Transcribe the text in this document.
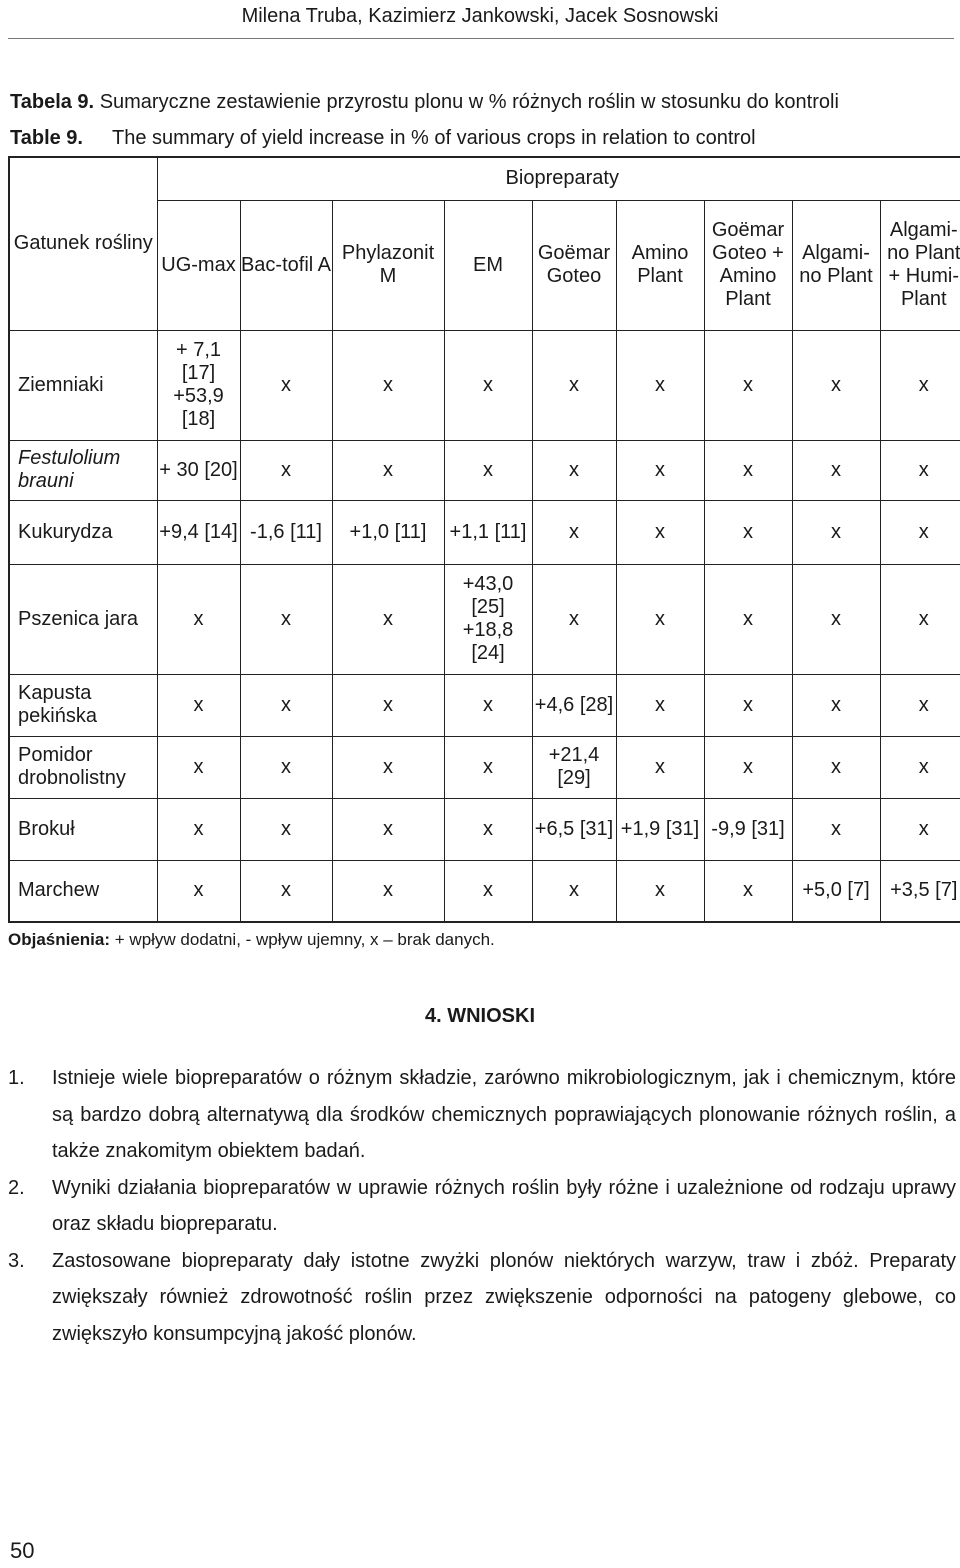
Milena Truba, Kazimierz Jankowski, Jacek Sosnowski
Tabela 9. Sumaryczne zestawienie przyrostu plonu w % różnych roślin w stosunku do kontroli
Table 9. The summary of yield increase in % of various crops in relation to control
Gatunek rośliny	Biopreparaty								
	UG-max	Bac-tofil A	Phylazonit M	EM	Goëmar Goteo	Amino Plant	Goëmar Goteo + Amino Plant	Algami-no Plant	Algami-no Plant + Humi-Plant
Ziemniaki	+ 7,1 [17] +53,9 [18]	x	x	x	x	x	x	x	x
Festulolium brauni	+ 30 [20]	x	x	x	x	x	x	x	x
Kukurydza	+9,4 [14]	-1,6 [11]	+1,0 [11]	+1,1 [11]	x	x	x	x	x
Pszenica jara	x	x	x	+43,0 [25] +18,8 [24]	x	x	x	x	x
Kapusta pekińska	x	x	x	x	+4,6 [28]	x	x	x	x
Pomidor drobnolistny	x	x	x	x	+21,4 [29]	x	x	x	x
Brokuł	x	x	x	x	+6,5 [31]	+1,9 [31]	-9,9 [31]	x	x
Marchew	x	x	x	x	x	x	x	+5,0 [7]	+3,5 [7]
Objaśnienia: + wpływ dodatni, - wpływ ujemny, x – brak danych.
4. WNIOSKI
1. Istnieje wiele biopreparatów o różnym składzie, zarówno mikrobiologicznym, jak i chemicznym, które są bardzo dobrą alternatywą dla środków chemicznych poprawiających plonowanie różnych roślin, a także znakomitym obiektem badań.
2. Wyniki działania biopreparatów w uprawie różnych roślin były różne i uzależnione od rodzaju uprawy oraz składu biopreparatu.
3. Zastosowane biopreparaty dały istotne zwyżki plonów niektórych warzyw, traw i zbóż. Preparaty zwiększały również zdrowotność roślin przez zwiększenie odporności na patogeny glebowe, co zwiększyło konsumpcyjną jakość plonów.
50
